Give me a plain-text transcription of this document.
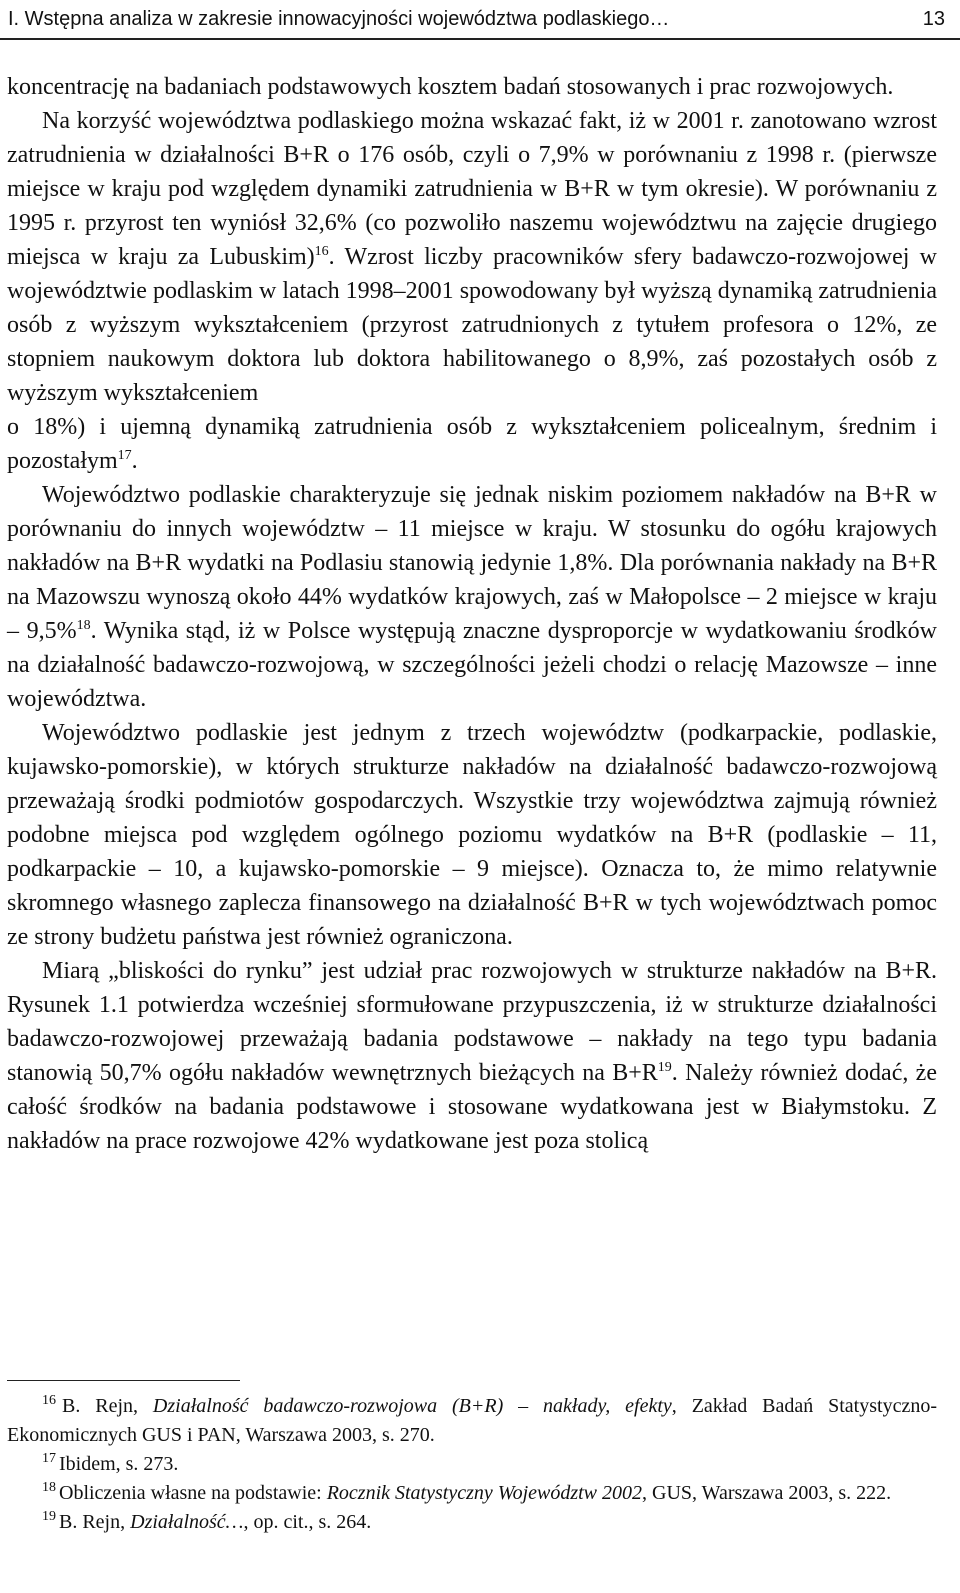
I. Wstępna analiza w zakresie innowacyjności województwa podlaskiego…	13

koncentrację na badaniach podstawowych kosztem badań stosowanych i prac rozwojowych.

Na korzyść województwa podlaskiego można wskazać fakt, iż w 2001 r. zanotowano wzrost zatrudnienia w działalności B+R o 176 osób, czyli o 7,9% w porównaniu z 1998 r. (pierwsze miejsce w kraju pod względem dynamiki zatrudnienia w B+R w tym okresie). W porównaniu z 1995 r. przyrost ten wyniósł 32,6% (co pozwoliło naszemu województwu na zajęcie drugiego miejsca w kraju za Lubuskim)$^{16}$. Wzrost liczby pracowników sfery badawczo-rozwojowej w województwie podlaskim w latach 1998–2001 spowodowany był wyższą dynamiką zatrudnienia osób z wyższym wykształceniem (przyrost zatrudnionych z tytułem profesora o 12%, ze stopniem naukowym doktora lub doktora habilitowanego o 8,9%, zaś pozostałych osób z wyższym wykształceniem

o 18%) i ujemną dynamiką zatrudnienia osób z wykształceniem policealnym, średnim i pozostałym$^{17}$.

Województwo podlaskie charakteryzuje się jednak niskim poziomem nakładów na B+R w porównaniu do innych województw – 11 miejsce w kraju. W stosunku do ogółu krajowych nakładów na B+R wydatki na Podlasiu stanowią jedynie 1,8%. Dla porównania nakłady na B+R na Mazowszu wynoszą około 44% wydatków krajowych, zaś w Małopolsce – 2 miejsce w kraju – 9,5%$^{18}$. Wynika stąd, iż w Polsce występują znaczne dysproporcje w wydatkowaniu środków na działalność badawczo-rozwojową, w szczególności jeżeli chodzi o relację Mazowsze – inne województwa.

Województwo podlaskie jest jednym z trzech województw (podkarpackie, podlaskie, kujawsko-pomorskie), w których strukturze nakładów na działalność badawczo-rozwojową przeważają środki podmiotów gospodarczych. Wszystkie trzy województwa zajmują również podobne miejsca pod względem ogólnego poziomu wydatków na B+R (podlaskie – 11, podkarpackie – 10, a kujawsko-pomorskie – 9 miejsce). Oznacza to, że mimo relatywnie skromnego własnego zaplecza finansowego na działalność B+R w tych województwach pomoc ze strony budżetu państwa jest również ograniczona.

Miarą „bliskości do rynku” jest udział prac rozwojowych w strukturze nakładów na B+R. Rysunek 1.1 potwierdza wcześniej sformułowane przypuszczenia, iż w strukturze działalności badawczo-rozwojowej przeważają badania podstawowe – nakłady na tego typu badania stanowią 50,7% ogółu nakładów wewnętrznych bieżących na $B+R^{19}$. Należy również dodać, że całość środków na badania podstawowe i stosowane wydatkowana jest w Białymstoku. Z nakładów na prace rozwojowe 42% wydatkowane jest poza stolicą

$^{16}$ B. Rejn, Działalność badawczo-rozwojowa (B+R) – nakłady, efekty, Zakład Badań Statystyczno-Ekonomicznych GUS i PAN, Warszawa 2003, s. 270.

$^{17}$ Ibidem, s. 273.

$^{18}$ Obliczenia własne na podstawie: Rocznik Statystyczny Województw 2002, GUS, Warszawa 2003, s. 222.

$^{19}$ B. Rejn, Działalność…, op. cit., s. 264.
